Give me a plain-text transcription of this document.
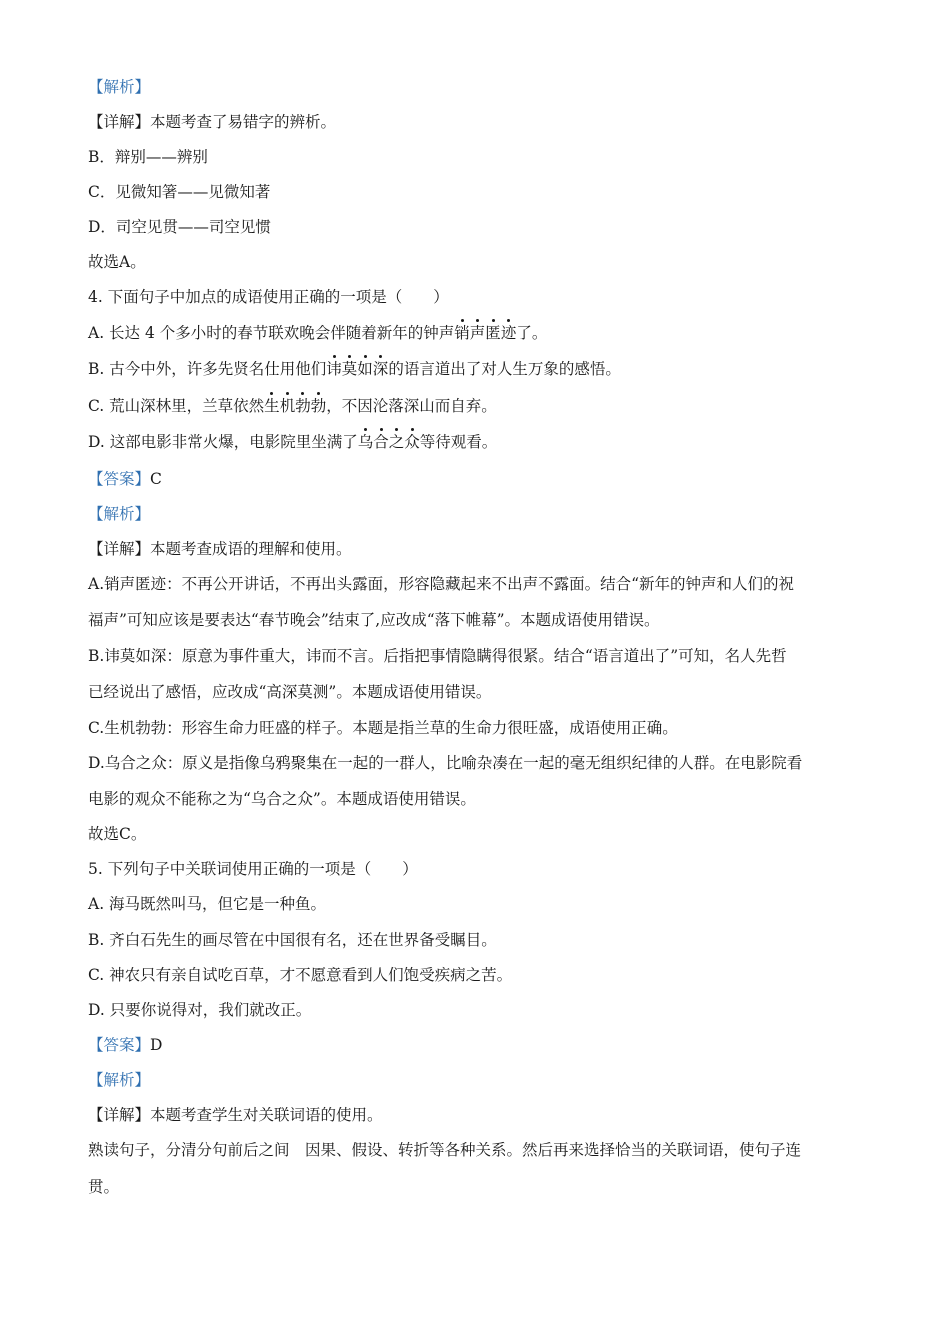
【解析】
【详解】本题考查了易错字的辨析。
B．辩别——辨别
C．见微知箸——见微知著
D．司空见贯——司空见惯
故选A。
4. 下面句子中加点的成语使用正确的一项是（　　）
A. 长达 4 个多小时的春节联欢晚会伴随着新年的钟声销声匿迹了。
B. 古今中外，许多先贤名仕用他们讳莫如深的语言道出了对人生万象的感悟。
C. 荒山深林里，兰草依然生机勃勃，不因沦落深山而自弃。
D. 这部电影非常火爆，电影院里坐满了乌合之众等待观看。
【答案】C
【解析】
【详解】本题考查成语的理解和使用。
A.销声匿迹：不再公开讲话，不再出头露面，形容隐藏起来不出声不露面。结合“新年的钟声和人们的祝
福声”可知应该是要表达“春节晚会”结束了,应改成“落下帷幕”。本题成语使用错误。
B.讳莫如深：原意为事件重大，讳而不言。后指把事情隐瞒得很紧。结合“语言道出了”可知，名人先哲
已经说出了感悟，应改成“高深莫测”。本题成语使用错误。
C.生机勃勃：形容生命力旺盛的样子。本题是指兰草的生命力很旺盛，成语使用正确。
D.乌合之众：原义是指像乌鸦聚集在一起的一群人，比喻杂凑在一起的毫无组织纪律的人群。在电影院看
电影的观众不能称之为“乌合之众”。本题成语使用错误。
故选C。
5. 下列句子中关联词使用正确的一项是（　　）
A. 海马既然叫马，但它是一种鱼。
B. 齐白石先生的画尽管在中国很有名，还在世界备受瞩目。
C. 神农只有亲自试吃百草，才不愿意看到人们饱受疾病之苦。
D. 只要你说得对，我们就改正。
【答案】D
【解析】
【详解】本题考查学生对关联词语的使用。
熟读句子，分清分句前后之间　因果、假设、转折等各种关系。然后再来选择恰当的关联词语，使句子连
贯。
